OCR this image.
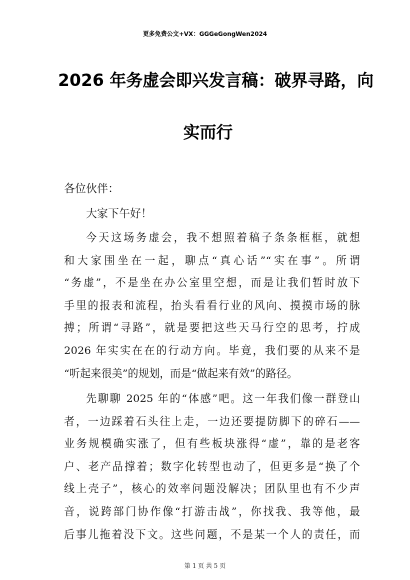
更多免费公文+VX：GGGeGongWen2024
2026 年务虚会即兴发言稿：破界寻路，向
实而行
各位伙伴：
大家下午好！
今天这场务虚会，我不想照着稿子条条框框，就想
和大家围坐在一起，聊点“真心话”“实在事”。所谓
“务虚”，不是坐在办公室里空想，而是让我们暂时放下
手里的报表和流程，抬头看看行业的风向、摸摸市场的脉
搏；所谓“寻路”，就是要把这些天马行空的思考，拧成
2026 年实实在在的行动方向。毕竟，我们要的从来不是
“听起来很美”的规划，而是“做起来有效”的路径。
先聊聊 2025 年的“体感”吧。这一年我们像一群登山
者，一边踩着石头往上走，一边还要提防脚下的碎石——
业务规模确实涨了，但有些板块涨得“虚”，靠的是老客
户、老产品撑着；数字化转型也动了，但更多是“换了个
线上壳子”，核心的效率问题没解决；团队里也有不少声
音，说跨部门协作像“打游击战”，你找我、我等他，最
后事儿拖着没下文。这些问题，不是某一个人的责任，而
第 1 页 共 5 页
